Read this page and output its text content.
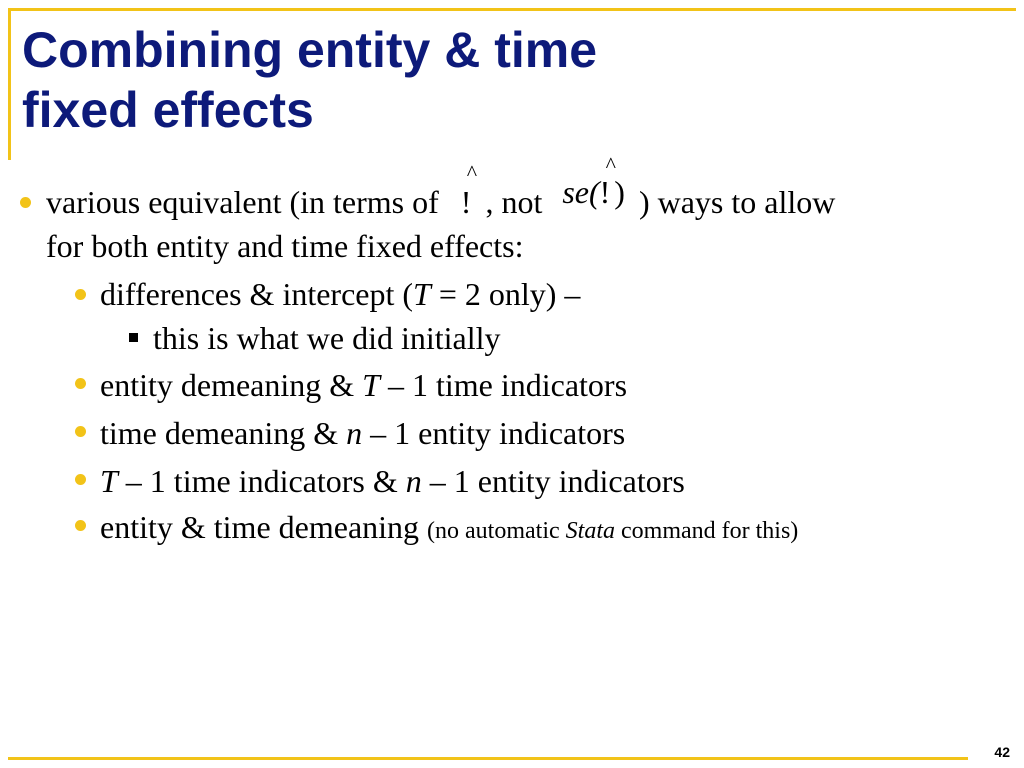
Combining entity & time
fixed effects
various equivalent (in terms of
^
! , not se(
^
! ) ) ways to allow
for both entity and time fixed effects:
differences & intercept (T = 2 only) –
this is what we did initially
entity demeaning & T – 1 time indicators
time demeaning & n – 1 entity indicators
T – 1 time indicators & n – 1 entity indicators
entity & time demeaning (no automatic Stata command for this)
42
